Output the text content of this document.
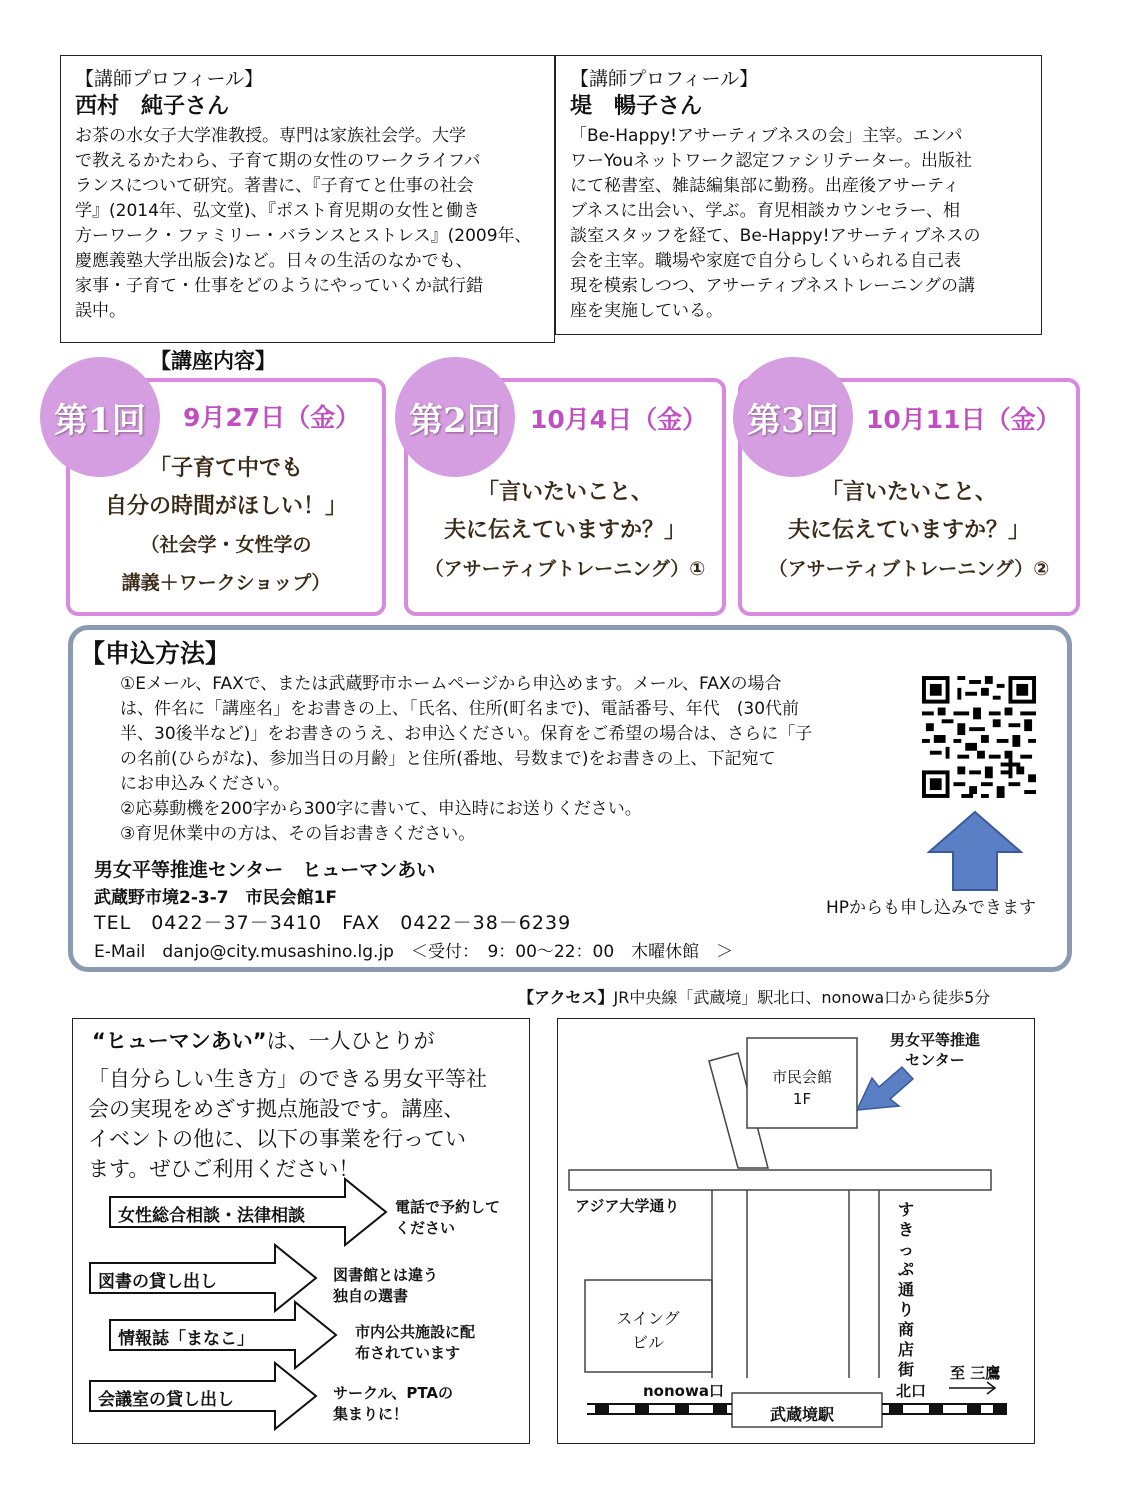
【講師プロフィール】
西村　純子さん
お茶の水女子大学准教授。専門は家族社会学。大学
で教えるかたわら、子育て期の女性のワークライフバ
ランスについて研究。著書に、『子育てと仕事の社会
学』(2014年、弘文堂)、『ポスト育児期の女性と働き
方ーワーク・ファミリー・バランスとストレス』(2009年、
慶應義塾大学出版会)など。日々の生活のなかでも、
家事・子育て・仕事をどのようにやっていくか試行錯
誤中。
【講師プロフィール】
堤　暢子さん
「Be-Happy!アサーティブネスの会」主宰。エンパ
ワーYouネットワーク認定ファシリテーター。出版社
にて秘書室、雑誌編集部に勤務。出産後アサーティ
ブネスに出会い、学ぶ。育児相談カウンセラー、相
談室スタッフを経て、Be-Happy!アサーティブネスの
会を主宰。職場や家庭で自分らしくいられる自己表
現を模索しつつ、アサーティブネストレーニングの講
座を実施している。
【講座内容】
第1回	9月27日（金）
「子育て中でも
自分の時間がほしい！」
（社会学・女性学の
講義＋ワークショップ）
第2回	10月4日（金）
「言いたいこと、
夫に伝えていますか？」
（アサーティブトレーニング）①
第3回	10月11日（金）
「言いたいこと、
夫に伝えていますか？」
（アサーティブトレーニング）②
【申込方法】
①Eメール、FAXで、または武蔵野市ホームページから申込めます。メール、FAXの場合
は、件名に「講座名」をお書きの上、「氏名、住所(町名まで)、電話番号、年代　(30代前
半、30後半など)」をお書きのうえ、お申込ください。保育をご希望の場合は、さらに「子
の名前(ひらがな)、参加当日の月齢」と住所(番地、号数まで)をお書きの上、下記宛て
にお申込みください。
②応募動機を200字から300字に書いて、申込時にお送りください。
③育児休業中の方は、その旨お書きください。
男女平等推進センター　ヒューマンあい
武蔵野市境2-3-7　市民会館1F
TEL　0422－37－3410　FAX　0422－38－6239
E-Mail　danjo@city.musashino.lg.jp　＜受付：　9：00～22：00　木曜休館　＞
HPからも申し込みできます
【アクセス】JR中央線「武蔵境」駅北口、nonowa口から徒歩5分
“ヒューマンあい”は、一人ひとりが
「自分らしい生き方」のできる男女平等社
会の実現をめざす拠点施設です。講座、
イベントの他に、以下の事業を行ってい
ます。ぜひご利用ください！
女性総合相談・法律相談
図書の貸し出し
情報誌「まなこ」
会議室の貸し出し
電話で予約して
ください
図書館とは違う
独自の選書
市内公共施設に配
布されています
サークル、PTAの
集まりに！
男女平等推進
センター
市民会館
1F
アジア大学通り
スイング
ビル
すきっぷ通り商店街 至 三鷹
nonowa口	北口
武蔵境駅
